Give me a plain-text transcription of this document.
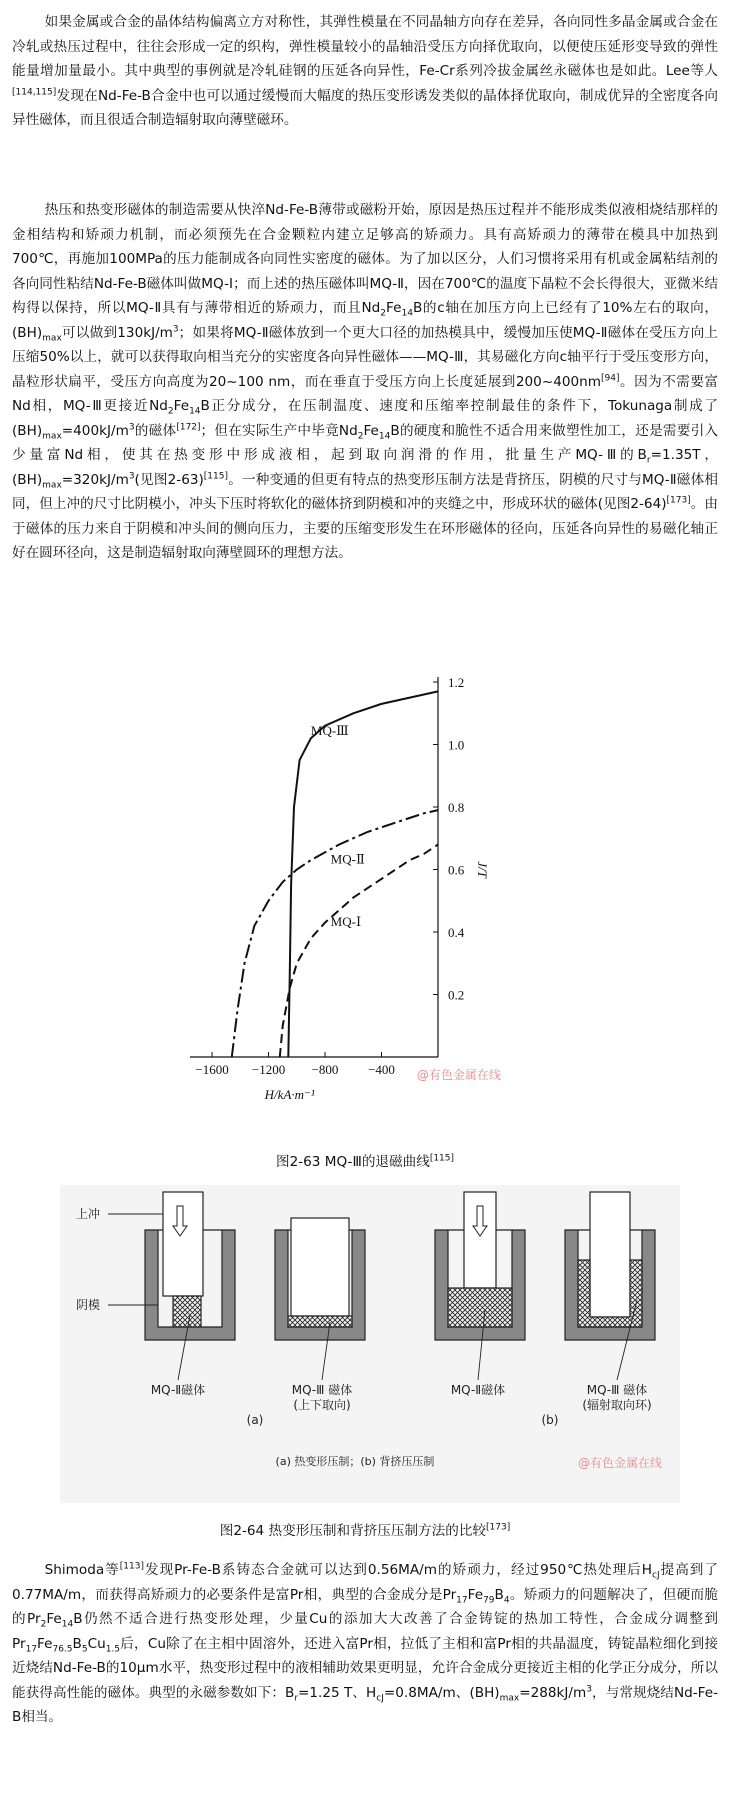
如果金属或合金的晶体结构偏离立方对称性，其弹性模量在不同晶轴方向存在差异，各向同性多晶金属或合金在冷轧或热压过程中，往往会形成一定的织构，弹性模量较小的晶轴沿受压方向择优取向，以便使压延形变导致的弹性能量增加量最小。其中典型的事例就是冷轧硅钢的压延各向异性，Fe-Cr系列冷拔金属丝永磁体也是如此。Lee等人[114,115]发现在Nd-Fe-B合金中也可以通过缓慢而大幅度的热压变形诱发类似的晶体择优取向，制成优异的全密度各向异性磁体，而且很适合制造辐射取向薄壁磁环。

热压和热变形磁体的制造需要从快淬Nd-Fe-B薄带或磁粉开始，原因是热压过程并不能形成类似液相烧结那样的金相结构和矫顽力机制，而必须预先在合金颗粒内建立足够高的矫顽力。具有高矫顽力的薄带在模具中加热到700℃，再施加100MPa的压力能制成各向同性实密度的磁体。为了加以区分，人们习惯将采用有机或金属粘结剂的各向同性粘结Nd-Fe-B磁体叫做MQ-Ⅰ；而上述的热压磁体叫MQ-Ⅱ，因在700℃的温度下晶粒不会长得很大，亚微米结构得以保持，所以MQ-Ⅱ具有与薄带相近的矫顽力，而且$Nd_2Fe_{14}B$的c轴在加压方向上已经有了10%左右的取向，$(BH)_{max}$可以做到$130kJ/m^3$；如果将MQ-Ⅱ磁体放到一个更大口径的加热模具中，缓慢加压使MQ-Ⅱ磁体在受压方向上压缩50%以上，就可以获得取向相当充分的实密度各向异性磁体——MQ-Ⅲ，其易磁化方向c轴平行于受压变形方向，晶粒形状扁平，受压方向高度为20~100 nm，而在垂直于受压方向上长度延展到200~400nm[94]。因为不需要富Nd相，MQ-Ⅲ更接近$Nd_2Fe_{14}B$正分成分，在压制温度、速度和压缩率控制最佳的条件下，Tokunaga制成了$(BH)_{max}=400kJ/m^3$的磁体[172]；但在实际生产中毕竟$Nd_2Fe_{14}B$的硬度和脆性不适合用来做塑性加工，还是需要引入少量富Nd相，使其在热变形中形成液相，起到取向润滑的作用，批量生产MQ-Ⅲ的$B_r=1.35T$，$(BH)_{max}=320kJ/m^3$(见图2-63)[115]。一种变通的但更有特点的热变形压制方法是背挤压，阴模的尺寸与MQ-Ⅱ磁体相同，但上冲的尺寸比阴模小，冲头下压时将软化的磁体挤到阴模和冲的夹缝之中，形成环状的磁体(见图2-64)[173]。由于磁体的压力来自于阴模和冲头间的侧向压力，主要的压缩变形发生在环形磁体的径向，压延各向异性的易磁化轴正好在圆环径向，这是制造辐射取向薄壁圆环的理想方法。

−1600 −1200 −800 −400
0.2
0.4
0.6
0.8
1.0
1.2
H/kA·m⁻¹
J/T
MQ-Ⅲ
MQ-Ⅱ
MQ-Ⅰ
@有色金属在线
图2-63 MQ-Ⅲ的退磁曲线[115]
上冲
阴模
MQ-Ⅱ磁体	MQ-Ⅲ 磁体
(上下取向)
MQ-Ⅱ磁体	MQ-Ⅲ 磁体
(辐射取向环)
(a)	(b)
(a) 热变形压制；(b) 背挤压压制	@有色金属在线
图2-64 热变形压制和背挤压压制方法的比较[173]

Shimoda等[113]发现Pr-Fe-B系铸态合金就可以达到0.56MA/m的矫顽力，经过950℃热处理后$H_{cJ}$提高到了0.77MA/m，而获得高矫顽力的必要条件是富Pr相，典型的合金成分是$Pr_{17}Fe_{79}B_4$。矫顽力的问题解决了，但硬而脆的$Pr_2Fe_{14}B$仍然不适合进行热变形处理，少量Cu的添加大大改善了合金铸锭的热加工特性，合金成分调整到$Pr_{17}Fe_{76.5}B_5Cu_{1.5}$后，Cu除了在主相中固溶外，还进入富Pr相，拉低了主相和富Pr相的共晶温度，铸锭晶粒细化到接近烧结Nd-Fe-B的10μm水平，热变形过程中的液相辅助效果更明显，允许合金成分更接近主相的化学正分成分，所以能获得高性能的磁体。典型的永磁参数如下：$B_r=1.25$ T、$H_{cJ}=0.8MA/m$、$(BH)_{max}=288kJ/m^3$，与常规烧结Nd-Fe-B相当。
